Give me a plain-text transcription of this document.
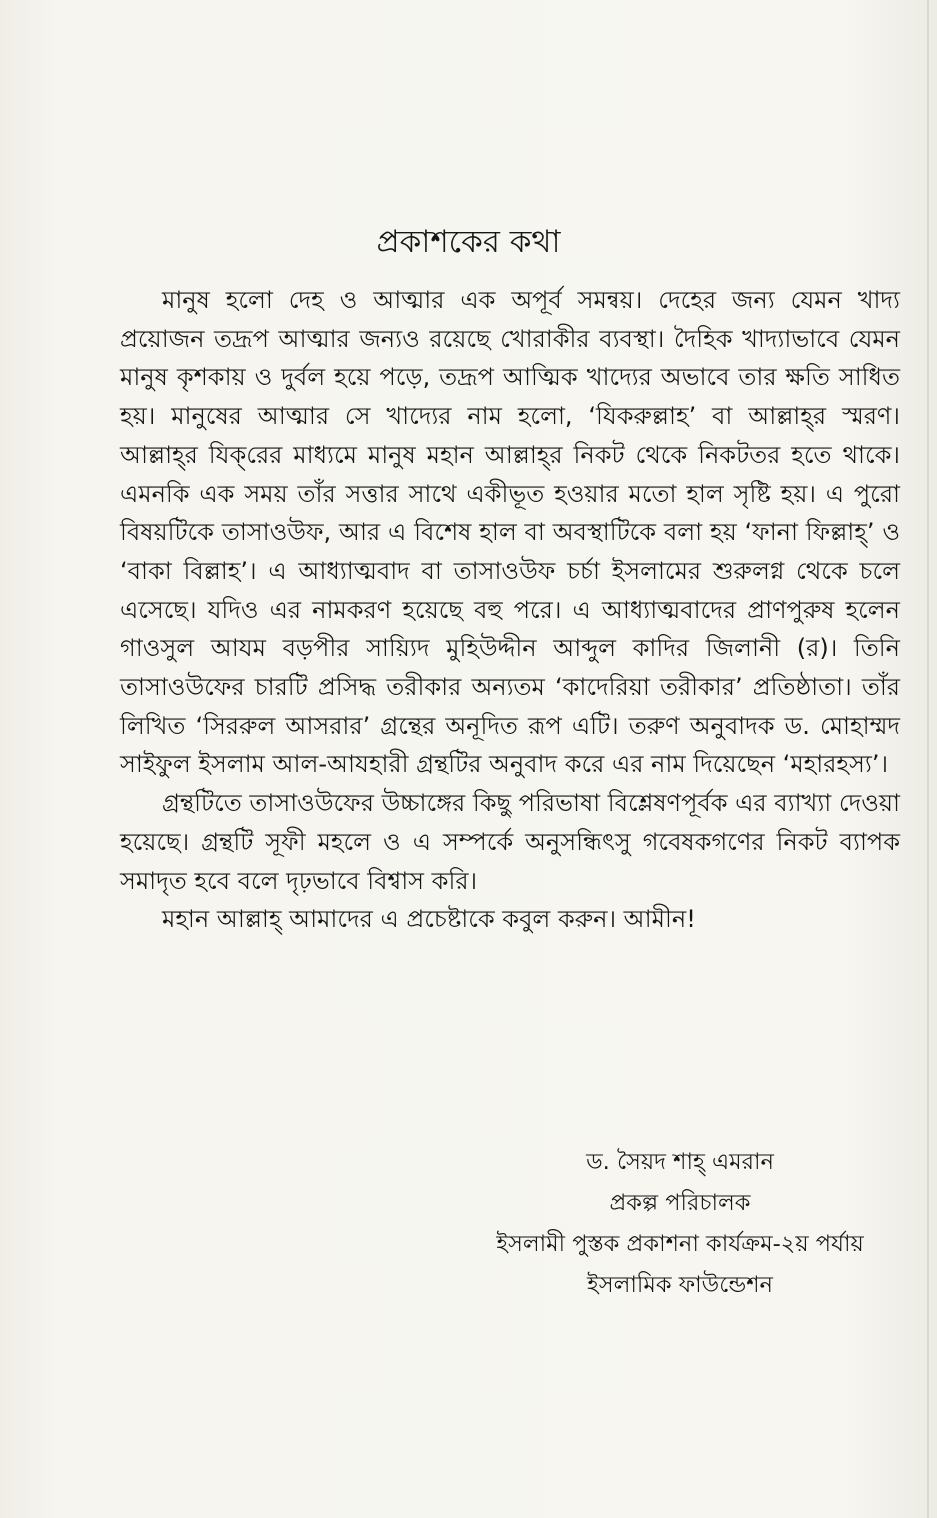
প্রকাশকের কথা

মানুষ হলো দেহ ও আত্মার এক অপূর্ব সমন্বয়। দেহের জন্য যেমন খাদ্য প্রয়োজন তদ্রূপ আত্মার জন্যও রয়েছে খোরাকীর ব্যবস্থা। দৈহিক খাদ্যাভাবে যেমন মানুষ কৃশকায় ও দুর্বল হয়ে পড়ে, তদ্রূপ আত্মিক খাদ্যের অভাবে তার ক্ষতি সাধিত হয়। মানুষের আত্মার সে খাদ্যের নাম হলো, ‘যিকরুল্লাহ’ বা আল্লাহ্‌র স্মরণ। আল্লাহ্‌র যিক্‌রের মাধ্যমে মানুষ মহান আল্লাহ্‌র নিকট থেকে নিকটতর হতে থাকে। এমনকি এক সময় তাঁর সত্তার সাথে একীভূত হওয়ার মতো হাল সৃষ্টি হয়। এ পুরো বিষয়টিকে তাসাওউফ, আর এ বিশেষ হাল বা অবস্থাটিকে বলা হয় ‘ফানা ফিল্লাহ্’ ও ‘বাকা বিল্লাহ’। এ আধ্যাত্মবাদ বা তাসাওউফ চর্চা ইসলামের শুরুলগ্ন থেকে চলে এসেছে। যদিও এর নামকরণ হয়েছে বহু পরে। এ আধ্যাত্মবাদের প্রাণপুরুষ হলেন গাওসুল আযম বড়পীর সায়্যিদ মুহিউদ্দীন আব্দুল কাদির জিলানী (র)। তিনি তাসাওউফের চারটি প্রসিদ্ধ তরীকার অন্যতম ‘কাদেরিয়া তরীকার’ প্রতিষ্ঠাতা। তাঁর লিখিত ‘সিররুল আসরার’ গ্রন্থের অনূদিত রূপ এটি। তরুণ অনুবাদক ড. মোহাম্মদ সাইফুল ইসলাম আল-আযহারী গ্রন্থটির অনুবাদ করে এর নাম দিয়েছেন ‘মহারহস্য’।

গ্রন্থটিতে তাসাওউফের উচ্চাঙ্গের কিছু পরিভাষা বিশ্লেষণপূর্বক এর ব্যাখ্যা দেওয়া হয়েছে। গ্রন্থটি সূফী মহলে ও এ সম্পর্কে অনুসন্ধিৎসু গবেষকগণের নিকট ব্যাপক সমাদৃত হবে বলে দৃঢ়ভাবে বিশ্বাস করি।

মহান আল্লাহ্ আমাদের এ প্রচেষ্টাকে কবুল করুন। আমীন!

ড. সৈয়দ শাহ্ এমরান
প্রকল্প পরিচালক
ইসলামী পুস্তক প্রকাশনা কার্যক্রম-২য় পর্যায়
ইসলামিক ফাউন্ডেশন
